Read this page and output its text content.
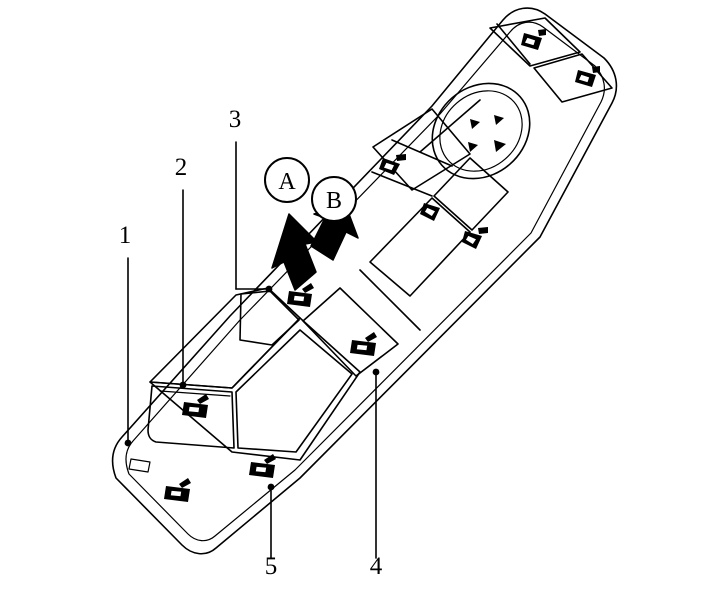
A
B
1
2
3
4
5
